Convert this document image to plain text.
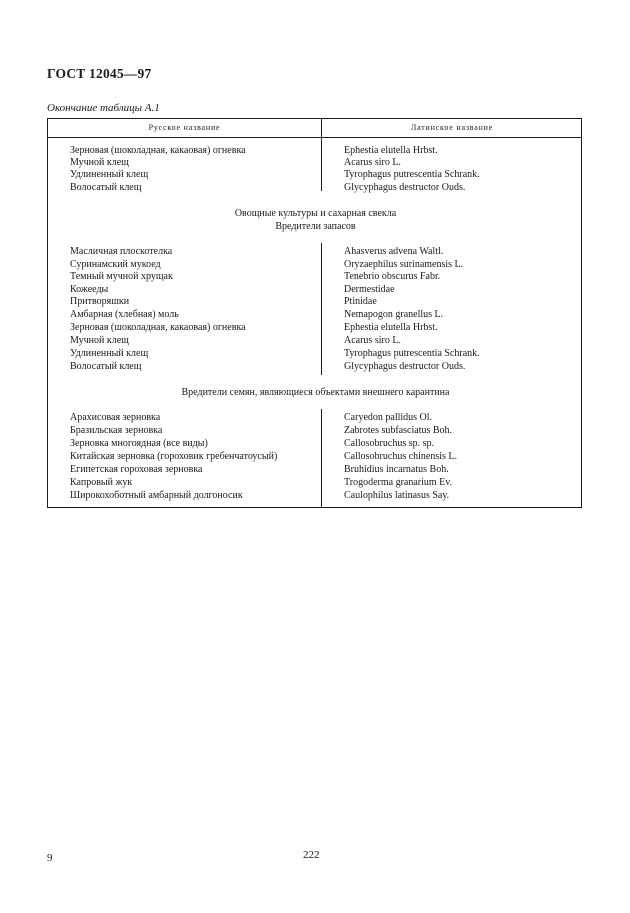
ГОСТ 12045—97
Окончание таблицы А.1
Русское название	Латинское название
Зерновая (шоколадная, какаовая) огневка	Ephestia elutella Hrbst.
Мучной клещ	Acarus siro L.
Удлиненный клещ	Tyrophagus putrescentia Schrank.
Волосатый клещ	Glycyphagus destructor Ouds.
Овощные культуры и сахарная свекла
Вредители запасов
Масличная плоскотелка	Ahasverus advena Waltl.
Суринамский мукоед	Oryzaephilus surinamensis L.
Темный мучной хрущак	Tenebrio obscurus Fabr.
Кожееды	Dermestidae
Притворяшки	Ptinidae
Амбарная (хлебная) моль	Nemapogon granellus L.
Зерновая (шоколадная, какаовая) огневка	Ephestia elutella Hrbst.
Мучной клещ	Acarus siro L.
Удлиненный клещ	Tyrophagus putrescentia Schrank.
Волосатый клещ	Glycyphagus destructor Ouds.
Вредители семян, являющиеся объектами внешнего карантина
Арахисовая зерновка	Caryedon pallidus Ol.
Бразильская зерновка	Zabrotes subfasciatus Boh.
Зерновка многоядная (все виды)	Callosobruchus sp. sp.
Китайская зерновка (гороховик гребенчатоусый)	Callosobruchus chinensis L.
Египетская гороховая зерновка	Bruhidius incarnatus Boh.
Капровый жук	Trogoderma granarium Ev.
Широкохоботный амбарный долгоносик	Caulophilus latinasus Say.
9	222
